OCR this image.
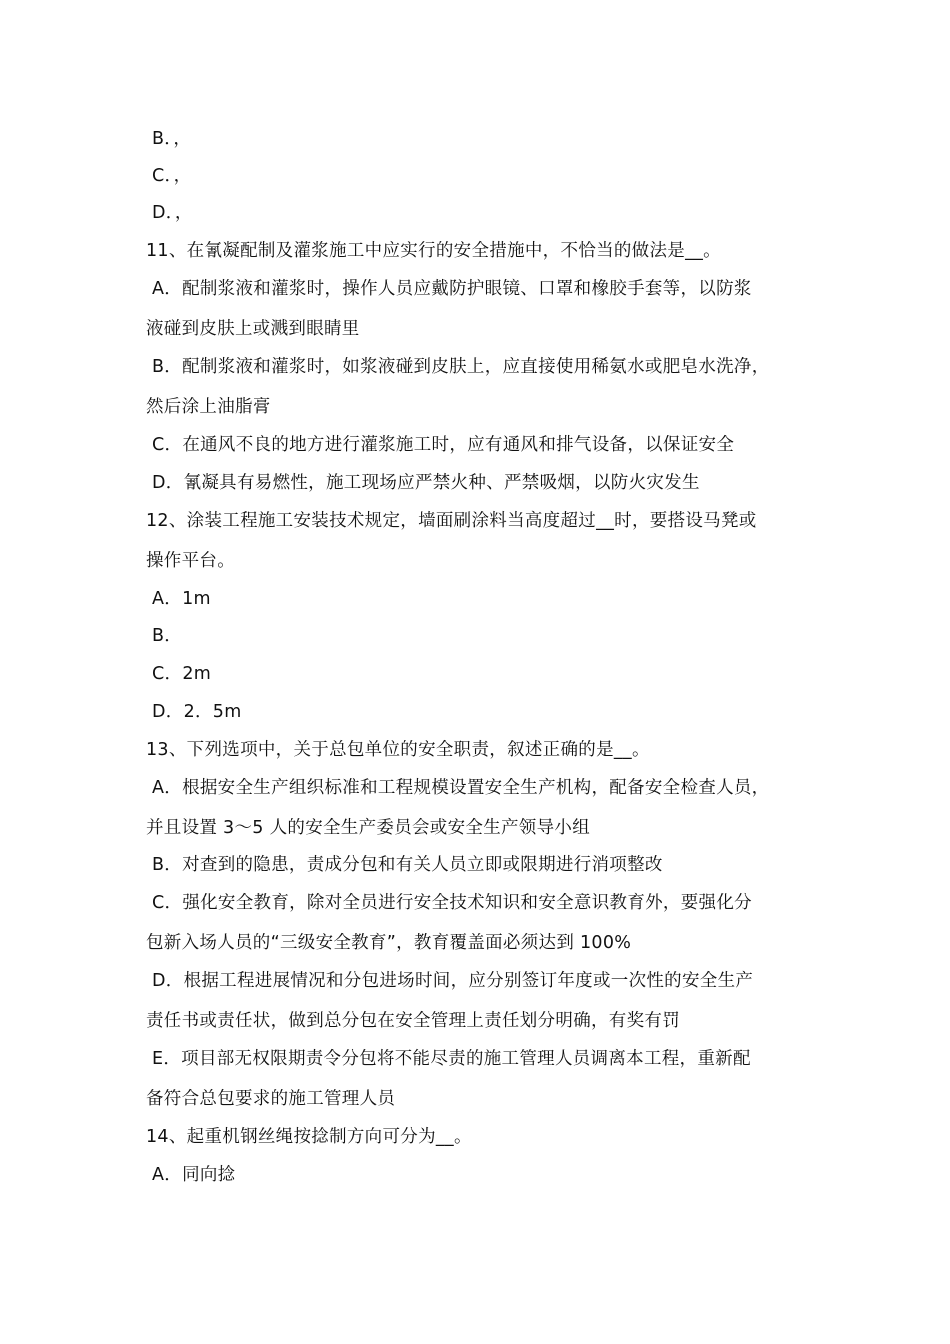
B．，
C．，
D．，
11、在氰凝配制及灌浆施工中应实行的安全措施中，不恰当的做法是__。
A．配制浆液和灌浆时，操作人员应戴防护眼镜、口罩和橡胶手套等，以防浆
液碰到皮肤上或溅到眼睛里
B．配制浆液和灌浆时，如浆液碰到皮肤上，应直接使用稀氨水或肥皂水洗净，
然后涂上油脂膏
C．在通风不良的地方进行灌浆施工时，应有通风和排气设备，以保证安全
D．氰凝具有易燃性，施工现场应严禁火种、严禁吸烟，以防火灾发生
12、涂装工程施工安装技术规定，墙面刷涂料当高度超过__时，要搭设马凳或
操作平台。
A．1m
B．
C．2m
D．2．5m
13、下列选项中，关于总包单位的安全职责，叙述正确的是__。
A．根据安全生产组织标准和工程规模设置安全生产机构，配备安全检查人员，
并且设置 3～5 人的安全生产委员会或安全生产领导小组
B．对查到的隐患，责成分包和有关人员立即或限期进行消项整改
C．强化安全教育，除对全员进行安全技术知识和安全意识教育外，要强化分
包新入场人员的“三级安全教育”，教育覆盖面必须达到 100%
D．根据工程进展情况和分包进场时间，应分别签订年度或一次性的安全生产
责任书或责任状，做到总分包在安全管理上责任划分明确，有奖有罚
E．项目部无权限期责令分包将不能尽责的施工管理人员调离本工程，重新配
备符合总包要求的施工管理人员
14、起重机钢丝绳按捻制方向可分为__。
A．同向捻
